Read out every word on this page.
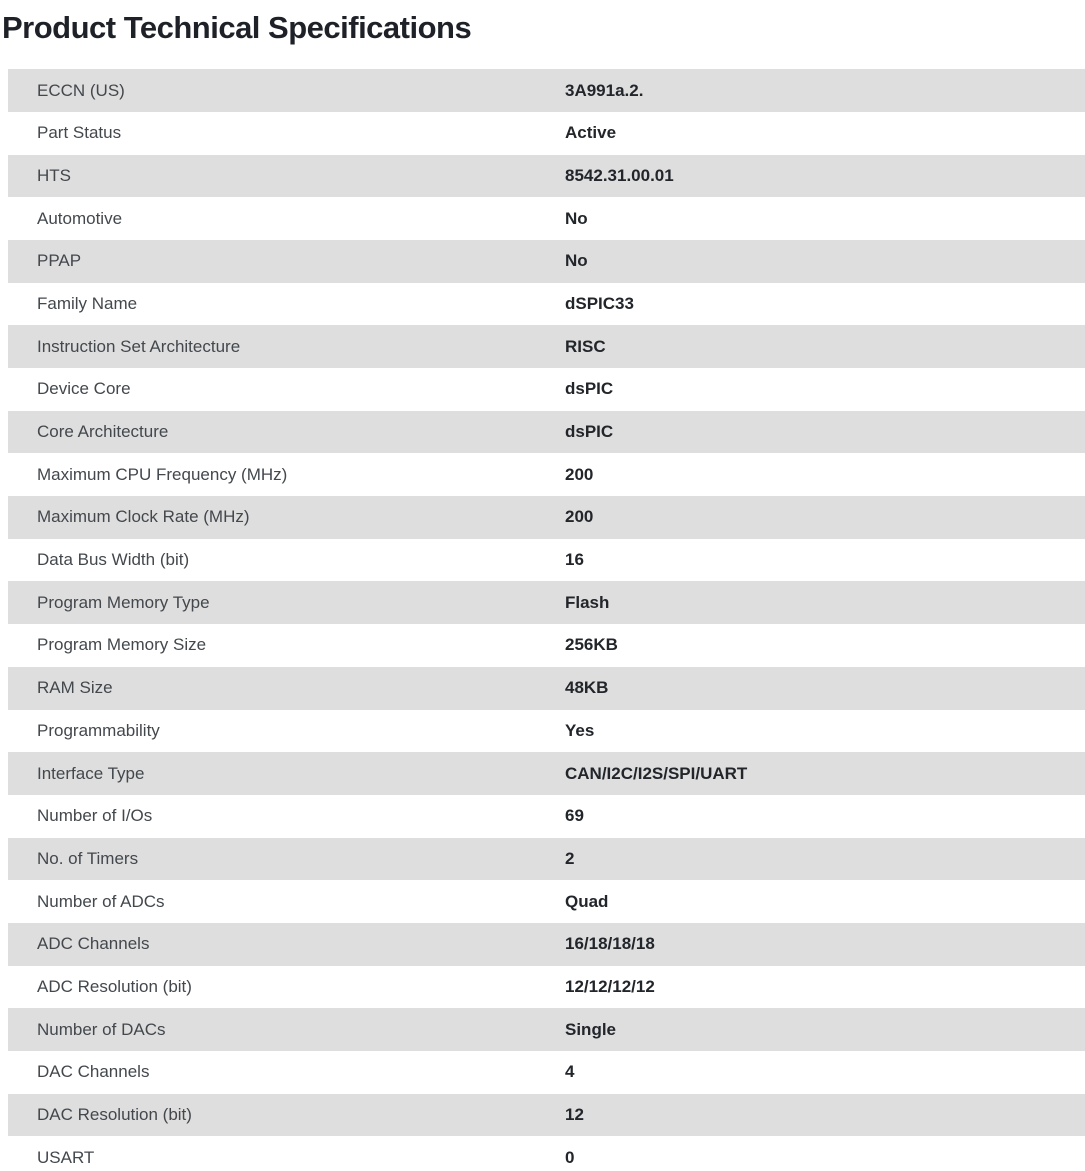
Product Technical Specifications
ECCN (US)	3A991a.2.
Part Status	Active
HTS	8542.31.00.01
Automotive	No
PPAP	No
Family Name	dSPIC33
Instruction Set Architecture	RISC
Device Core	dsPIC
Core Architecture	dsPIC
Maximum CPU Frequency (MHz)	200
Maximum Clock Rate (MHz)	200
Data Bus Width (bit)	16
Program Memory Type	Flash
Program Memory Size	256KB
RAM Size	48KB
Programmability	Yes
Interface Type	CAN/I2C/I2S/SPI/UART
Number of I/Os	69
No. of Timers	2
Number of ADCs	Quad
ADC Channels	16/18/18/18
ADC Resolution (bit)	12/12/12/12
Number of DACs	Single
DAC Channels	4
DAC Resolution (bit)	12
USART	0
